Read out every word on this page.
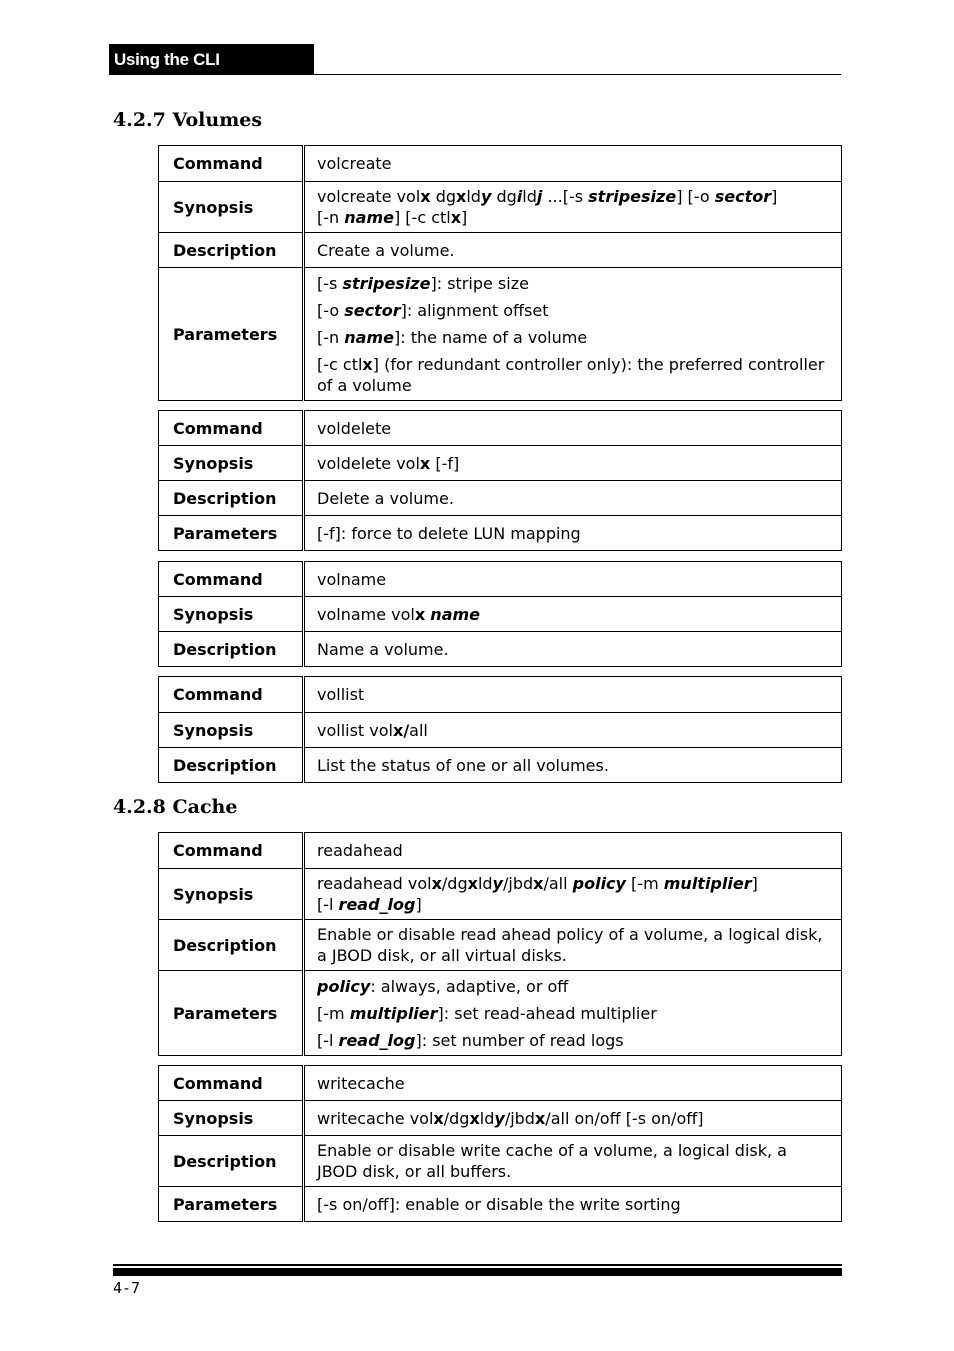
Using the CLI Commands
4.2.7 Volumes
Command	volcreate
Synopsis	volcreate volx dgxldy dgildj ...[-s stripesize] [-o sector]
[-n name] [-c ctlx]
Description	Create a volume.
Parameters	[-s stripesize]: stripe size
[-o sector]: alignment offset
[-n name]: the name of a volume
[-c ctlx] (for redundant controller only): the preferred controller of a volume
Command	voldelete
Synopsis	voldelete volx [-f]
Description	Delete a volume.
Parameters	[-f]: force to delete LUN mapping
Command	volname
Synopsis	volname volx name
Description	Name a volume.
Command	vollist
Synopsis	vollist volx/all
Description	List the status of one or all volumes.
4.2.8 Cache
Command	readahead
Synopsis	readahead volx/dgxldy/jbdx/all policy [-m multiplier]
[-l read_log]
Description	Enable or disable read ahead policy of a volume, a logical disk, a JBOD disk, or all virtual disks.
Parameters	policy: always, adaptive, or off
[-m multiplier]: set read-ahead multiplier
[-l read_log]: set number of read logs
Command	writecache
Synopsis	writecache volx/dgxldy/jbdx/all on/off [-s on/off]
Description	Enable or disable write cache of a volume, a logical disk, a JBOD disk, or all buffers.
Parameters	[-s on/off]: enable or disable the write sorting
4-7
